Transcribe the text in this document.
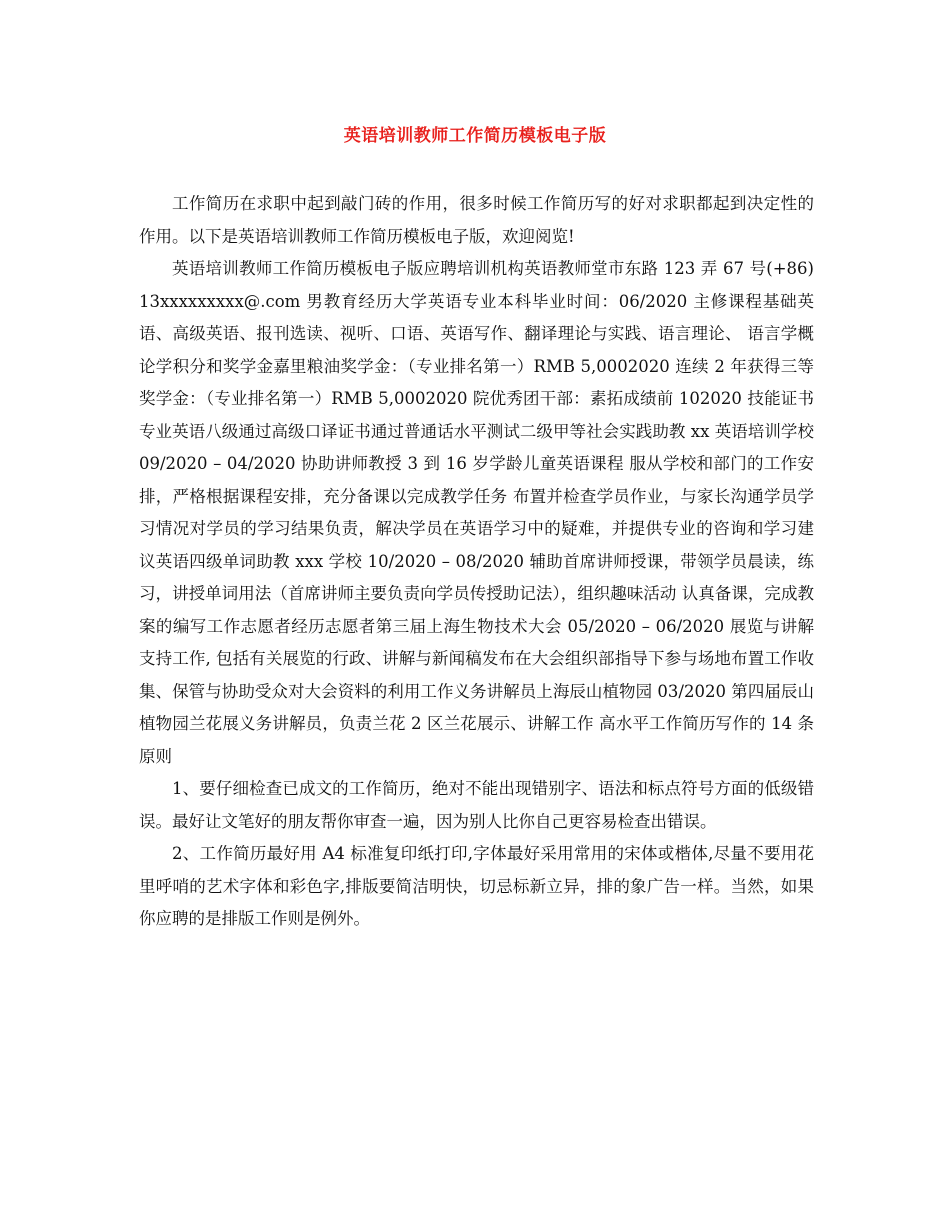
英语培训教师工作简历模板电子版

工作简历在求职中起到敲门砖的作用，很多时候工作简历写的好对求职都起到决定性的作用。以下是英语培训教师工作简历模板电子版，欢迎阅览!

英语培训教师工作简历模板电子版应聘培训机构英语教师堂市东路 123 弄 67 号(+86) 13xxxxxxxxx@.com 男教育经历大学英语专业本科毕业时间：06/2020 主修课程基础英语、高级英语、报刊选读、视听、口语、英语写作、翻译理论与实践、语言理论、 语言学概论学积分和奖学金嘉里粮油奖学金：（专业排名第一）RMB 5,0002020 连续 2 年获得三等奖学金：（专业排名第一）RMB 5,0002020 院优秀团干部：素拓成绩前 102020 技能证书专业英语八级通过高级口译证书通过普通话水平测试二级甲等社会实践助教 xx 英语培训学校 09/2020 – 04/2020 协助讲师教授 3 到 16 岁学龄儿童英语课程 服从学校和部门的工作安排，严格根据课程安排，充分备课以完成教学任务 布置并检查学员作业，与家长沟通学员学习情况对学员的学习结果负责，解决学员在英语学习中的疑难，并提供专业的咨询和学习建议英语四级单词助教 xxx 学校 10/2020 – 08/2020 辅助首席讲师授课，带领学员晨读，练习，讲授单词用法（首席讲师主要负责向学员传授助记法），组织趣味活动 认真备课，完成教案的编写工作志愿者经历志愿者第三届上海生物技术大会 05/2020 – 06/2020 展览与讲解支持工作, 包括有关展览的行政、讲解与新闻稿发布在大会组织部指导下参与场地布置工作收集、保管与协助受众对大会资料的利用工作义务讲解员上海辰山植物园 03/2020 第四届辰山植物园兰花展义务讲解员，负责兰花 2 区兰花展示、讲解工作 高水平工作简历写作的 14 条原则

1、要仔细检查已成文的工作简历，绝对不能出现错别字、语法和标点符号方面的低级错误。最好让文笔好的朋友帮你审查一遍，因为别人比你自己更容易检查出错误。

2、工作简历最好用 A4 标准复印纸打印,字体最好采用常用的宋体或楷体,尽量不要用花里呼哨的艺术字体和彩色字,排版要简洁明快，切忌标新立异，排的象广告一样。当然，如果你应聘的是排版工作则是例外。
